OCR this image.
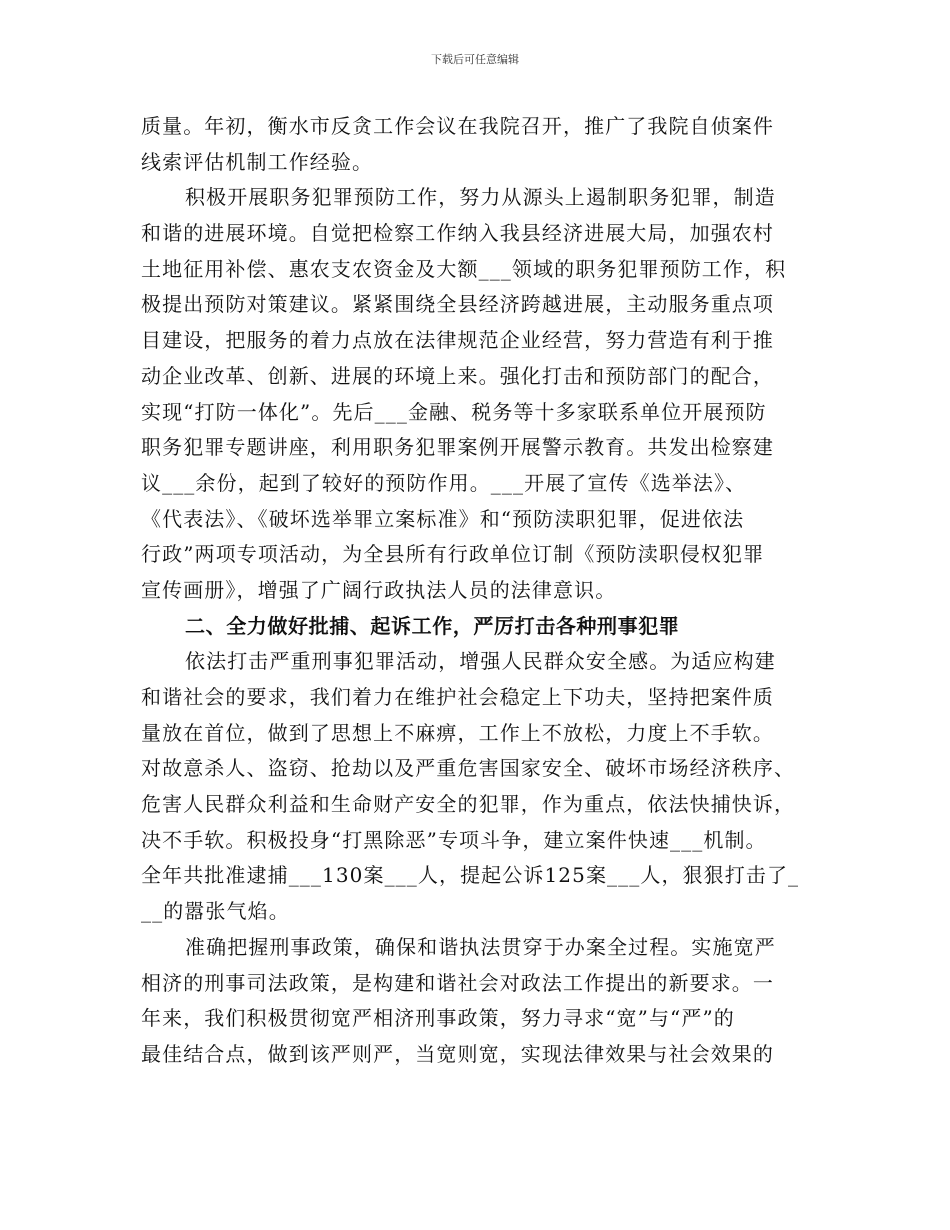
下载后可任意编辑
质量。年初，衡水市反贪工作会议在我院召开，推广了我院自侦案件
线索评估机制工作经验。
积极开展职务犯罪预防工作，努力从源头上遏制职务犯罪，制造
和谐的进展环境。自觉把检察工作纳入我县经济进展大局，加强农村
土地征用补偿、惠农支农资金及大额___领域的职务犯罪预防工作，积
极提出预防对策建议。紧紧围绕全县经济跨越进展，主动服务重点项
目建设，把服务的着力点放在法律规范企业经营，努力营造有利于推
动企业改革、创新、进展的环境上来。强化打击和预防部门的配合，
实现“打防一体化”。先后___金融、税务等十多家联系单位开展预防
职务犯罪专题讲座，利用职务犯罪案例开展警示教育。共发出检察建
议___余份，起到了较好的预防作用。___开展了宣传《选举法》、
《代表法》、《破坏选举罪立案标准》和“预防渎职犯罪，促进依法
行政”两项专项活动，为全县所有行政单位订制《预防渎职侵权犯罪
宣传画册》，增强了广阔行政执法人员的法律意识。
二、全力做好批捕、起诉工作，严厉打击各种刑事犯罪
依法打击严重刑事犯罪活动，增强人民群众安全感。为适应构建
和谐社会的要求，我们着力在维护社会稳定上下功夫，坚持把案件质
量放在首位，做到了思想上不麻痹，工作上不放松，力度上不手软。
对故意杀人、盗窃、抢劫以及严重危害国家安全、破坏市场经济秩序、
危害人民群众利益和生命财产安全的犯罪，作为重点，依法快捕快诉，
决不手软。积极投身“打黑除恶”专项斗争，建立案件快速___机制。
全年共批准逮捕___130案___人，提起公诉125案___人，狠狠打击了_
__的嚣张气焰。
准确把握刑事政策，确保和谐执法贯穿于办案全过程。实施宽严
相济的刑事司法政策，是构建和谐社会对政法工作提出的新要求。一
年来，我们积极贯彻宽严相济刑事政策，努力寻求“宽”与“严”的
最佳结合点，做到该严则严，当宽则宽，实现法律效果与社会效果的
